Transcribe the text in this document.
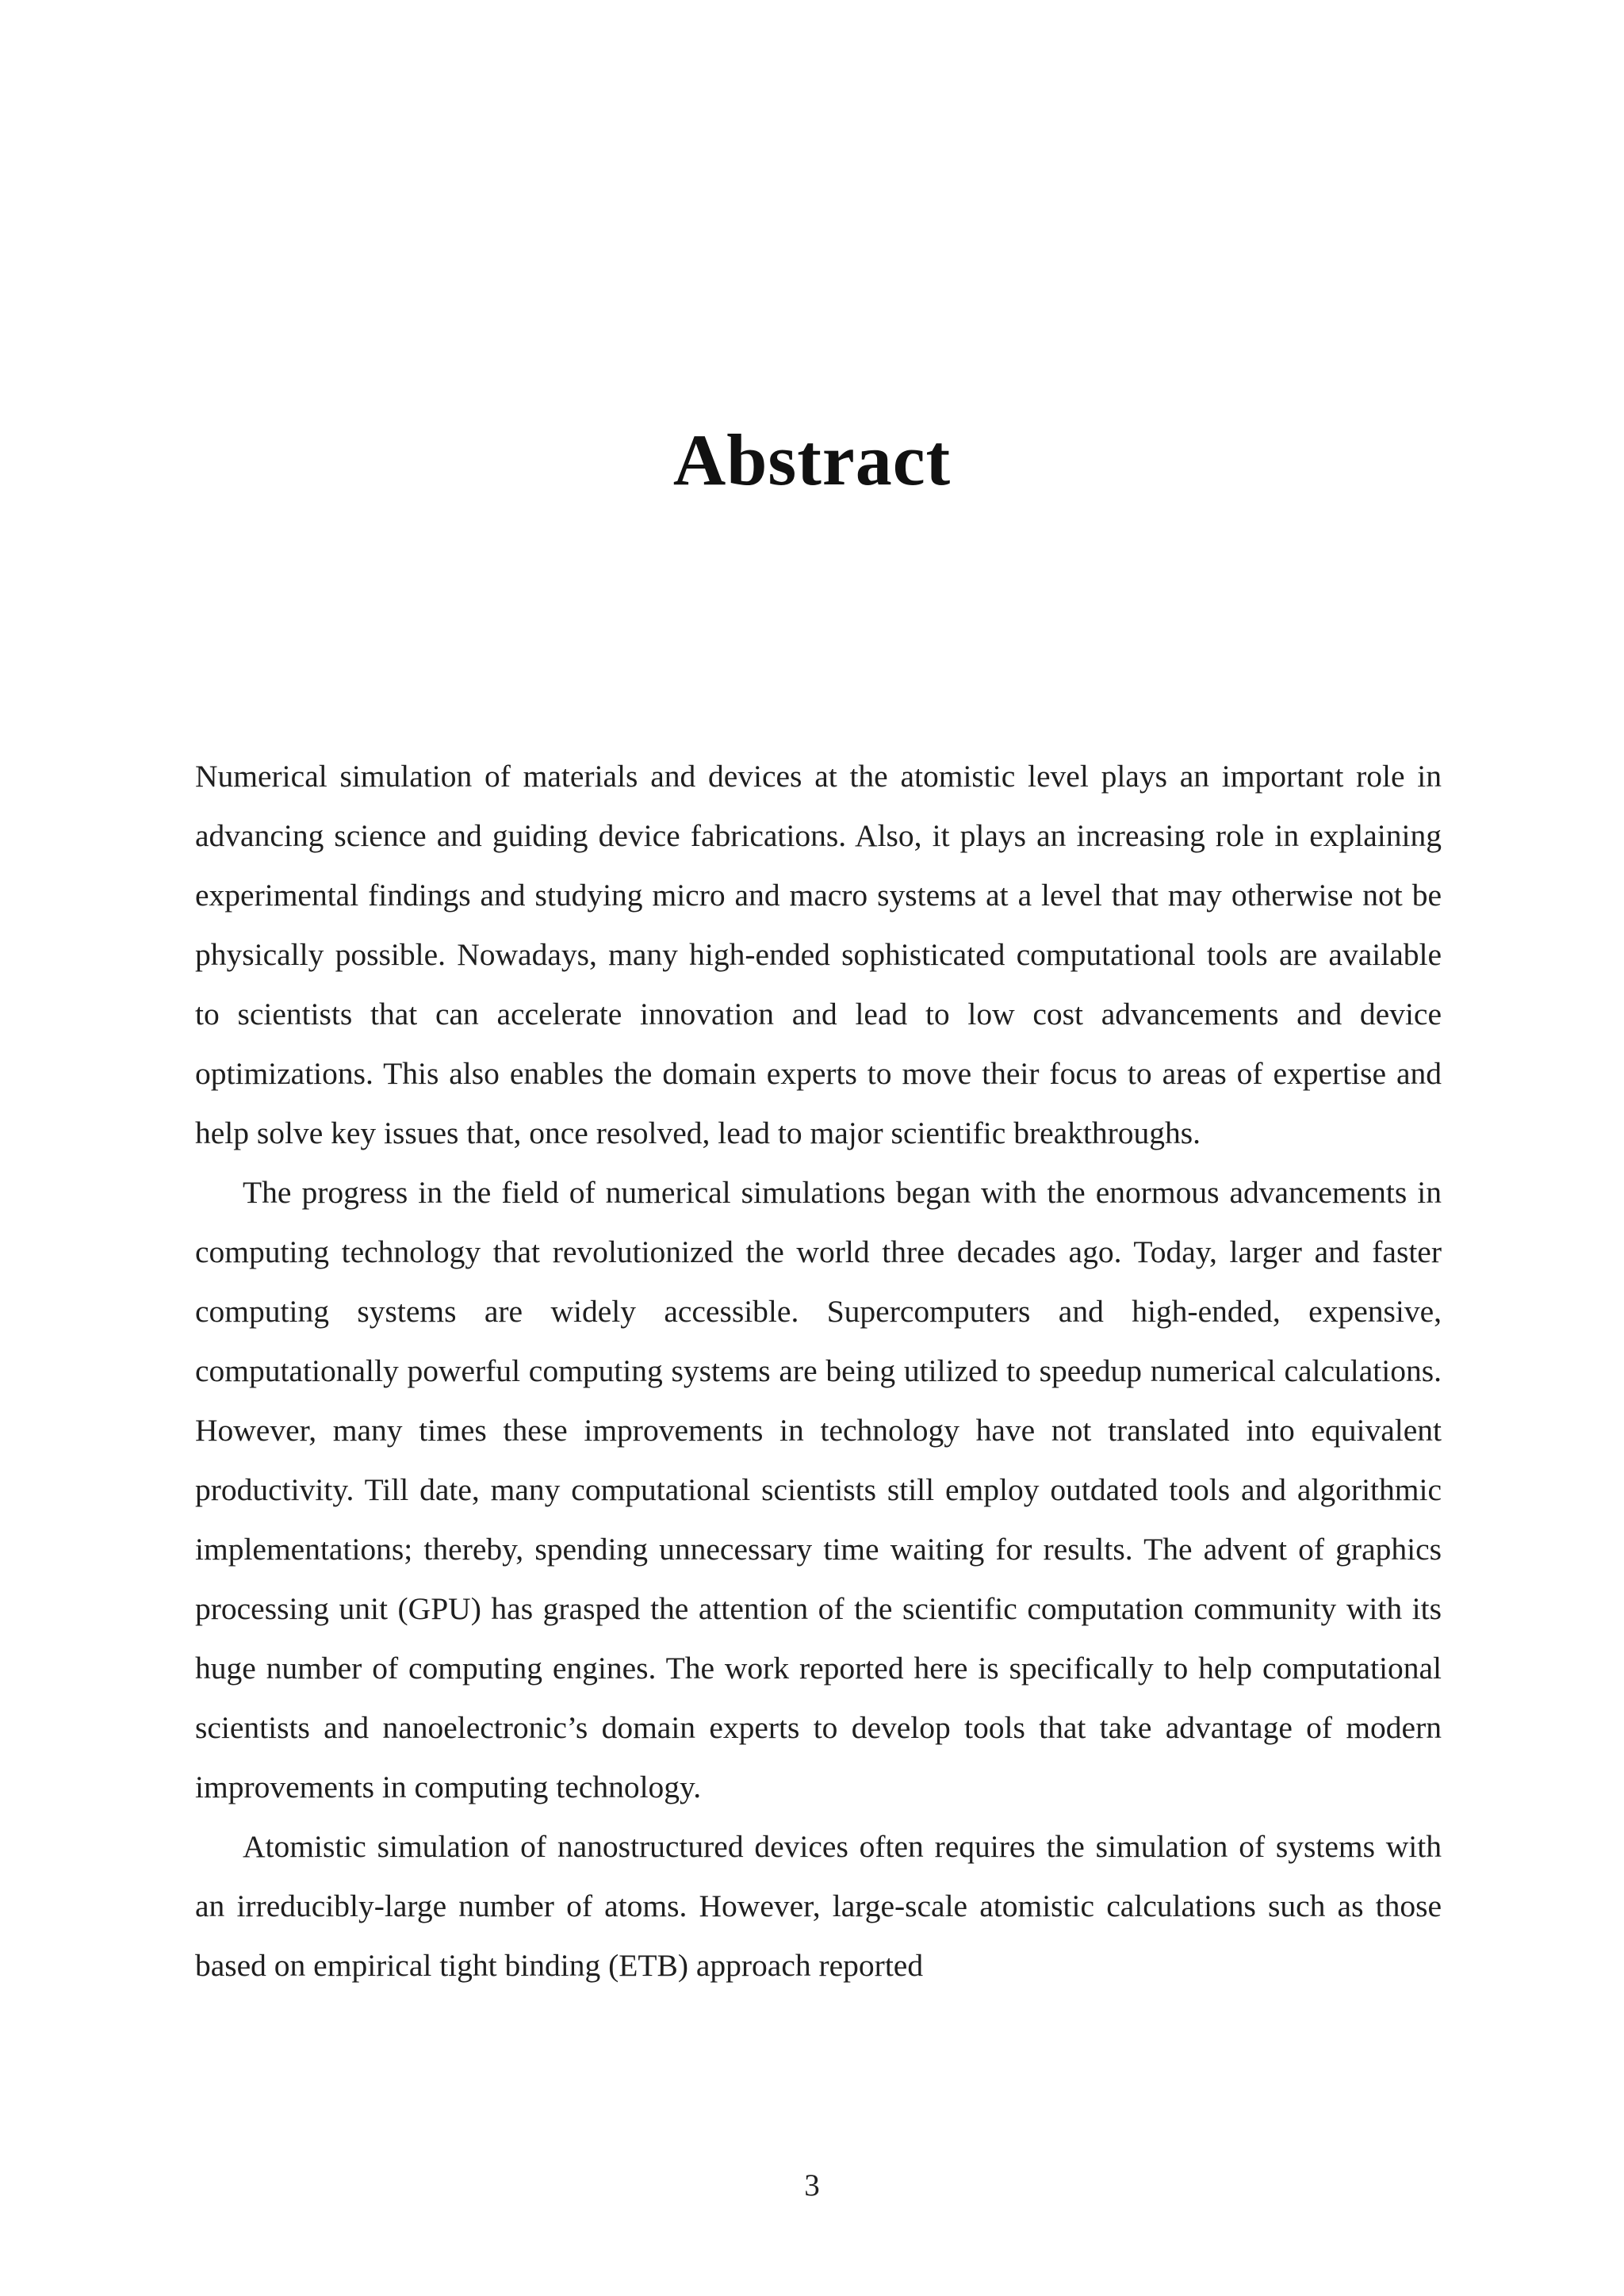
Abstract

Numerical simulation of materials and devices at the atomistic level plays an important role in advancing science and guiding device fabrications. Also, it plays an increasing role in explaining experimental findings and studying micro and macro systems at a level that may otherwise not be physically possible. Nowadays, many high-ended sophisticated computational tools are available to scientists that can accelerate innovation and lead to low cost advancements and device optimizations. This also enables the domain experts to move their focus to areas of expertise and help solve key issues that, once resolved, lead to major scientific breakthroughs.

The progress in the field of numerical simulations began with the enormous advancements in computing technology that revolutionized the world three decades ago. Today, larger and faster computing systems are widely accessible. Supercomputers and high-ended, expensive, computationally powerful computing systems are being utilized to speedup numerical calculations. However, many times these improvements in technology have not translated into equivalent productivity. Till date, many computational scientists still employ outdated tools and algorithmic implementations; thereby, spending unnecessary time waiting for results. The advent of graphics processing unit (GPU) has grasped the attention of the scientific computation community with its huge number of computing engines. The work reported here is specifically to help computational scientists and nanoelectronic’s domain experts to develop tools that take advantage of modern improvements in computing technology.

Atomistic simulation of nanostructured devices often requires the simulation of systems with an irreducibly-large number of atoms. However, large-scale atomistic calculations such as those based on empirical tight binding (ETB) approach reported

3
